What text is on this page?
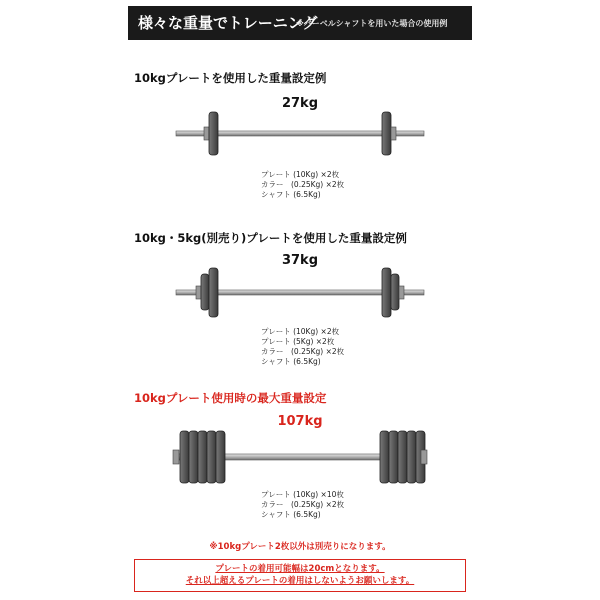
様々な重量でトレーニング
※バーベルシャフトを用いた場合の使用例
10kgプレートを使用した重量設定例
27kg
プレート (10Kg) ×2枚
カラー　(0.25Kg) ×2枚
シャフト (6.5Kg)
10kg・5kg(別売り)プレートを使用した重量設定例
37kg
プレート (10Kg) ×2枚
プレート (5Kg) ×2枚
カラー　(0.25Kg) ×2枚
シャフト (6.5Kg)
10kgプレート使用時の最大重量設定
107kg
プレート (10Kg) ×10枚
カラー　(0.25Kg) ×2枚
シャフト (6.5Kg)
※10kgプレート2枚以外は別売りになります。
プレートの着用可能幅は20cmとなります。
それ以上超えるプレートの着用はしないようお願いします。
